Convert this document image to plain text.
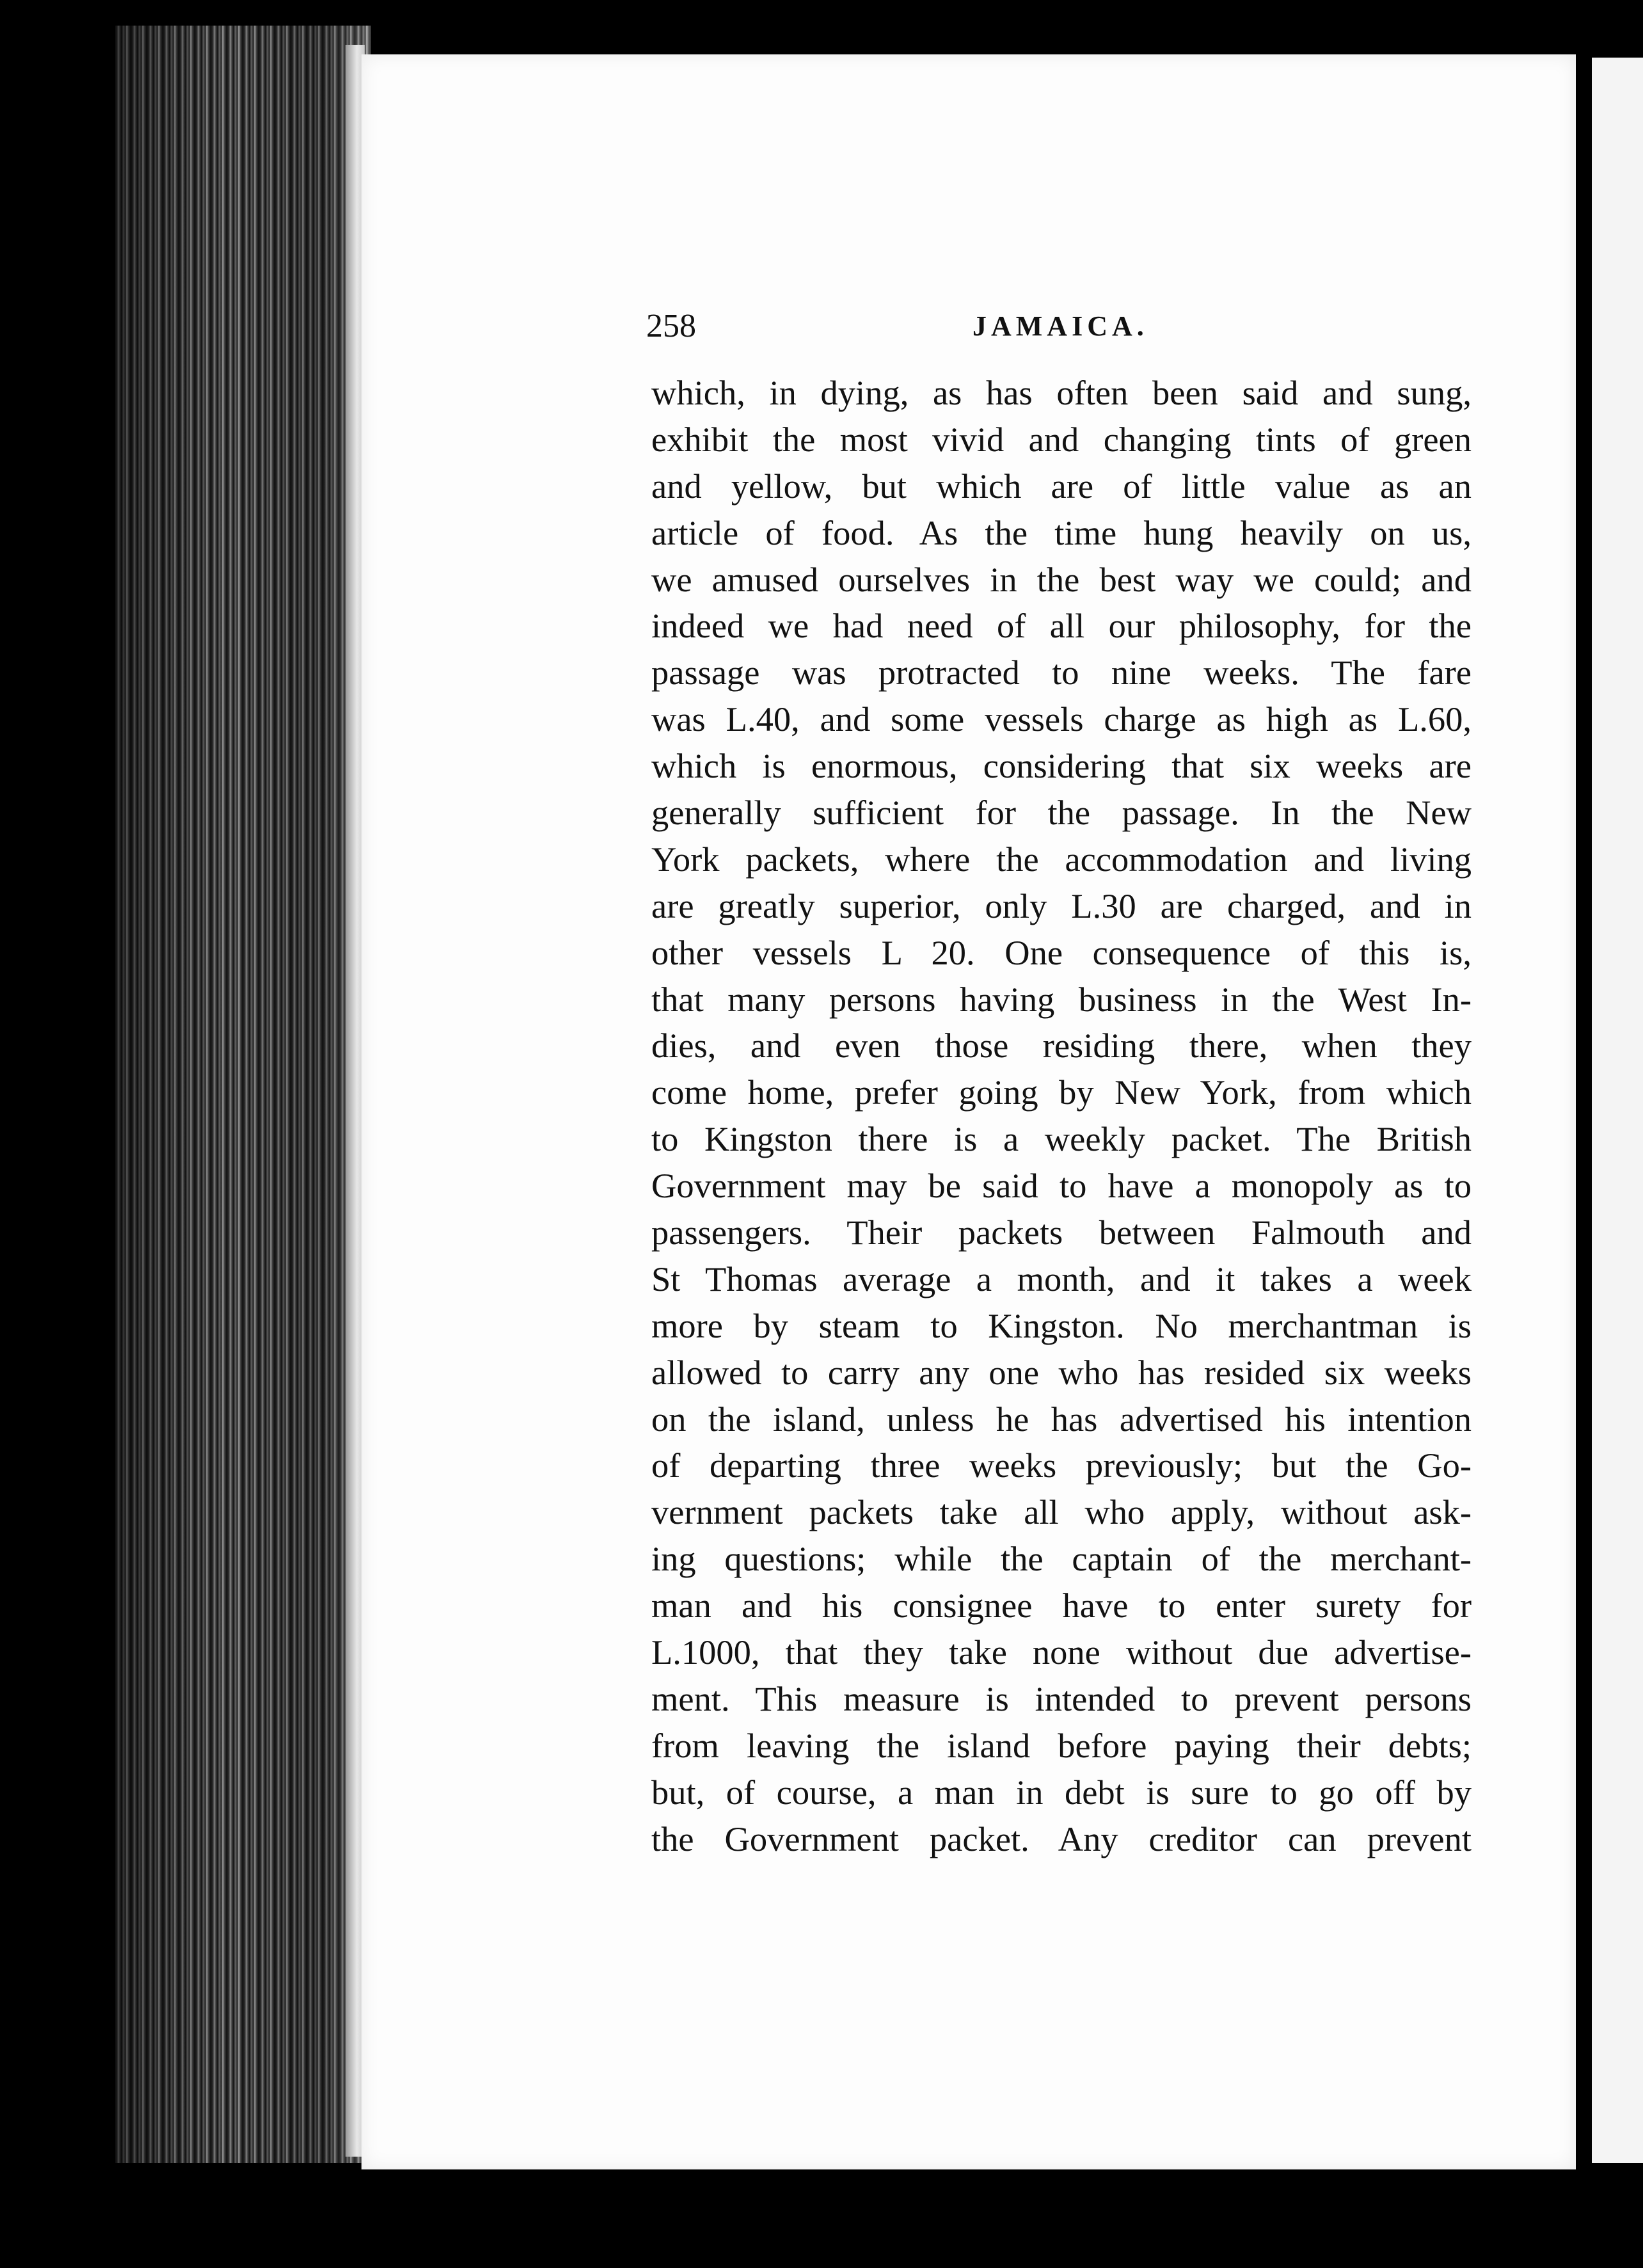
258	JAMAICA.
which, in dying, as has often been said and sung,
exhibit the most vivid and changing tints of green
and yellow, but which are of little value as an
article of food. As the time hung heavily on us,
we amused ourselves in the best way we could; and
indeed we had need of all our philosophy, for the
passage was protracted to nine weeks. The fare
was L.40, and some vessels charge as high as L.60,
which is enormous, considering that six weeks are
generally sufficient for the passage. In the New
York packets, where the accommodation and living
are greatly superior, only L.30 are charged, and in
other vessels L 20. One consequence of this is,
that many persons having business in the West In-
dies, and even those residing there, when they
come home, prefer going by New York, from which
to Kingston there is a weekly packet. The British
Government may be said to have a monopoly as to
passengers. Their packets between Falmouth and
St Thomas average a month, and it takes a week
more by steam to Kingston. No merchantman is
allowed to carry any one who has resided six weeks
on the island, unless he has advertised his intention
of departing three weeks previously; but the Go-
vernment packets take all who apply, without ask-
ing questions; while the captain of the merchant-
man and his consignee have to enter surety for
L.1000, that they take none without due advertise-
ment. This measure is intended to prevent persons
from leaving the island before paying their debts;
but, of course, a man in debt is sure to go off by
the Government packet. Any creditor can prevent
